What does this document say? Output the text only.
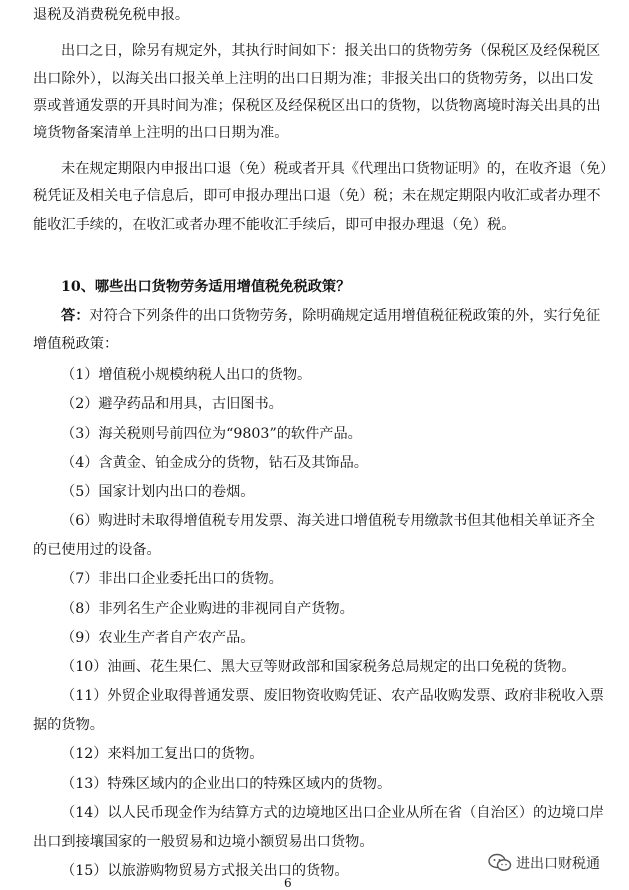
退税及消费税免税申报。
出口之日，除另有规定外，其执行时间如下：报关出口的货物劳务（保税区及经保税区
出口除外），以海关出口报关单上注明的出口日期为准；非报关出口的货物劳务，以出口发
票或普通发票的开具时间为准；保税区及经保税区出口的货物，以货物离境时海关出具的出
境货物备案清单上注明的出口日期为准。
未在规定期限内申报出口退（免）税或者开具《代理出口货物证明》的，在收齐退（免）
税凭证及相关电子信息后，即可申报办理出口退（免）税；未在规定期限内收汇或者办理不
能收汇手续的，在收汇或者办理不能收汇手续后，即可申报办理退（免）税。
10、哪些出口货物劳务适用增值税免税政策？
答：对符合下列条件的出口货物劳务，除明确规定适用增值税征税政策的外，实行免征
增值税政策：
（1）增值税小规模纳税人出口的货物。
（2）避孕药品和用具，古旧图书。
（3）海关税则号前四位为“9803”的软件产品。
（4）含黄金、铂金成分的货物，钻石及其饰品。
（5）国家计划内出口的卷烟。
（6）购进时未取得增值税专用发票、海关进口增值税专用缴款书但其他相关单证齐全
的已使用过的设备。
（7）非出口企业委托出口的货物。
（8）非列名生产企业购进的非视同自产货物。
（9）农业生产者自产农产品。
（10）油画、花生果仁、黑大豆等财政部和国家税务总局规定的出口免税的货物。
（11）外贸企业取得普通发票、废旧物资收购凭证、农产品收购发票、政府非税收入票
据的货物。
（12）来料加工复出口的货物。
（13）特殊区域内的企业出口的特殊区域内的货物。
（14）以人民币现金作为结算方式的边境地区出口企业从所在省（自治区）的边境口岸
出口到接壤国家的一般贸易和边境小额贸易出口货物。
（15）以旅游购物贸易方式报关出口的货物。
6
进出口财税通
